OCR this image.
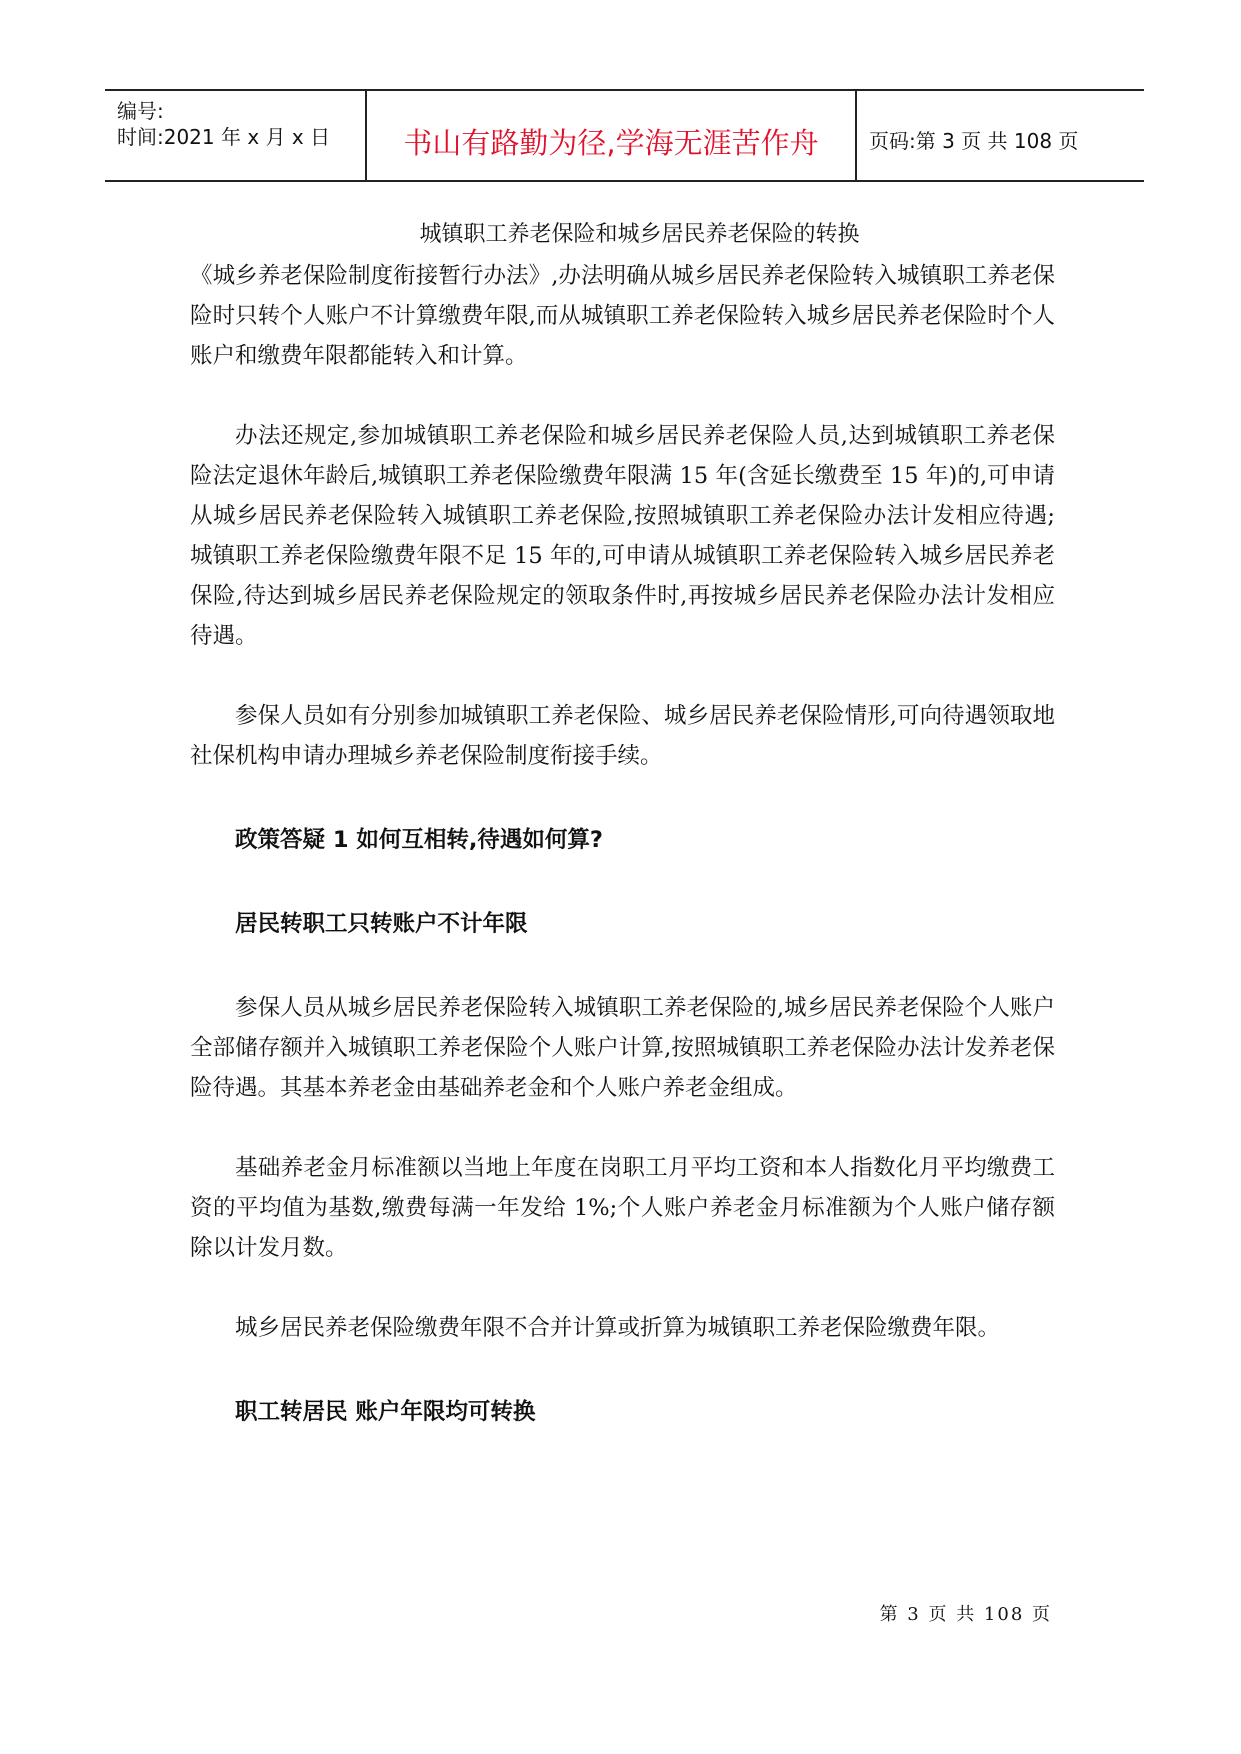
编号:
时间:2021 年 x 月 x 日	书山有路勤为径,学海无涯苦作舟	页码:第 3 页 共 108 页
城镇职工养老保险和城乡居民养老保险的转换

《城乡养老保险制度衔接暂行办法》,办法明确从城乡居民养老保险转入城镇职工养老保险时只转个人账户不计算缴费年限,而从城镇职工养老保险转入城乡居民养老保险时个人账户和缴费年限都能转入和计算。

办法还规定,参加城镇职工养老保险和城乡居民养老保险人员,达到城镇职工养老保险法定退休年龄后,城镇职工养老保险缴费年限满 15 年(含延长缴费至 15 年)的,可申请从城乡居民养老保险转入城镇职工养老保险,按照城镇职工养老保险办法计发相应待遇;城镇职工养老保险缴费年限不足 15 年的,可申请从城镇职工养老保险转入城乡居民养老保险,待达到城乡居民养老保险规定的领取条件时,再按城乡居民养老保险办法计发相应待遇。

参保人员如有分别参加城镇职工养老保险、城乡居民养老保险情形,可向待遇领取地社保机构申请办理城乡养老保险制度衔接手续。

政策答疑 1 如何互相转,待遇如何算?

居民转职工只转账户不计年限

参保人员从城乡居民养老保险转入城镇职工养老保险的,城乡居民养老保险个人账户全部储存额并入城镇职工养老保险个人账户计算,按照城镇职工养老保险办法计发养老保险待遇。其基本养老金由基础养老金和个人账户养老金组成。

基础养老金月标准额以当地上年度在岗职工月平均工资和本人指数化月平均缴费工资的平均值为基数,缴费每满一年发给 1%;个人账户养老金月标准额为个人账户储存额除以计发月数。

城乡居民养老保险缴费年限不合并计算或折算为城镇职工养老保险缴费年限。

职工转居民 账户年限均可转换

第 3 页 共 108 页
